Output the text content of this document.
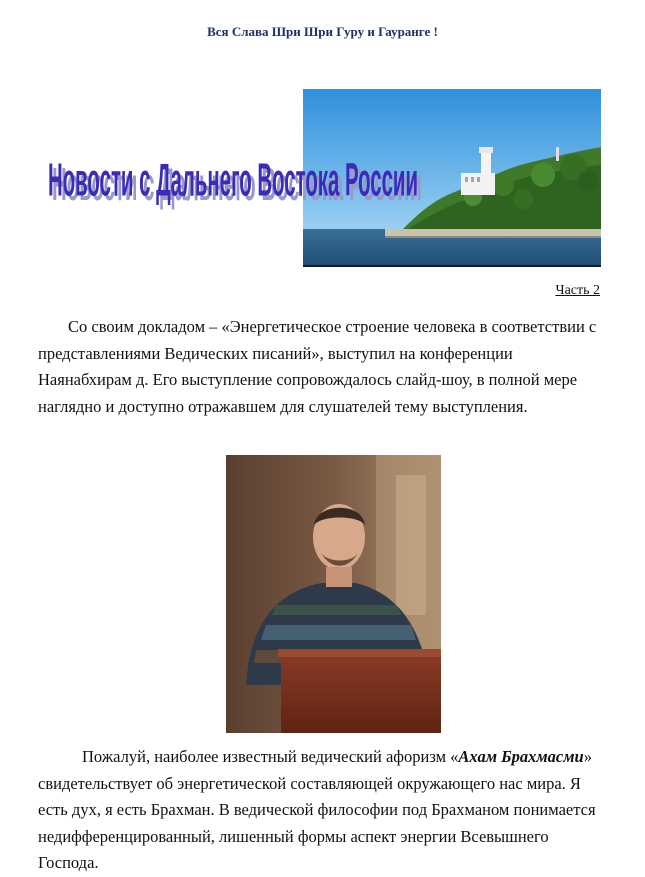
Вся Слава Шри Шри Гуру и Гауранге !
Новости с Дальнего Востока России
Новости с Дальнего Востока России
Часть 2

Со своим докладом – «Энергетическое строение человека в соответствии с представлениями Ведических писаний», выступил на конференции Наянабхирам д. Его выступление сопровождалось слайд-шоу, в полной мере наглядно и доступно отражавшем для слушателей тему выступления.

Пожалуй, наиболее известный ведический афоризм «Ахам Брахмасми» свидетельствует об энергетической составляющей окружающего нас мира. Я есть дух, я есть Брахман. В ведической философии под Брахманом понимается недифференцированный, лишенный формы аспект энергии Всевышнего Господа.
